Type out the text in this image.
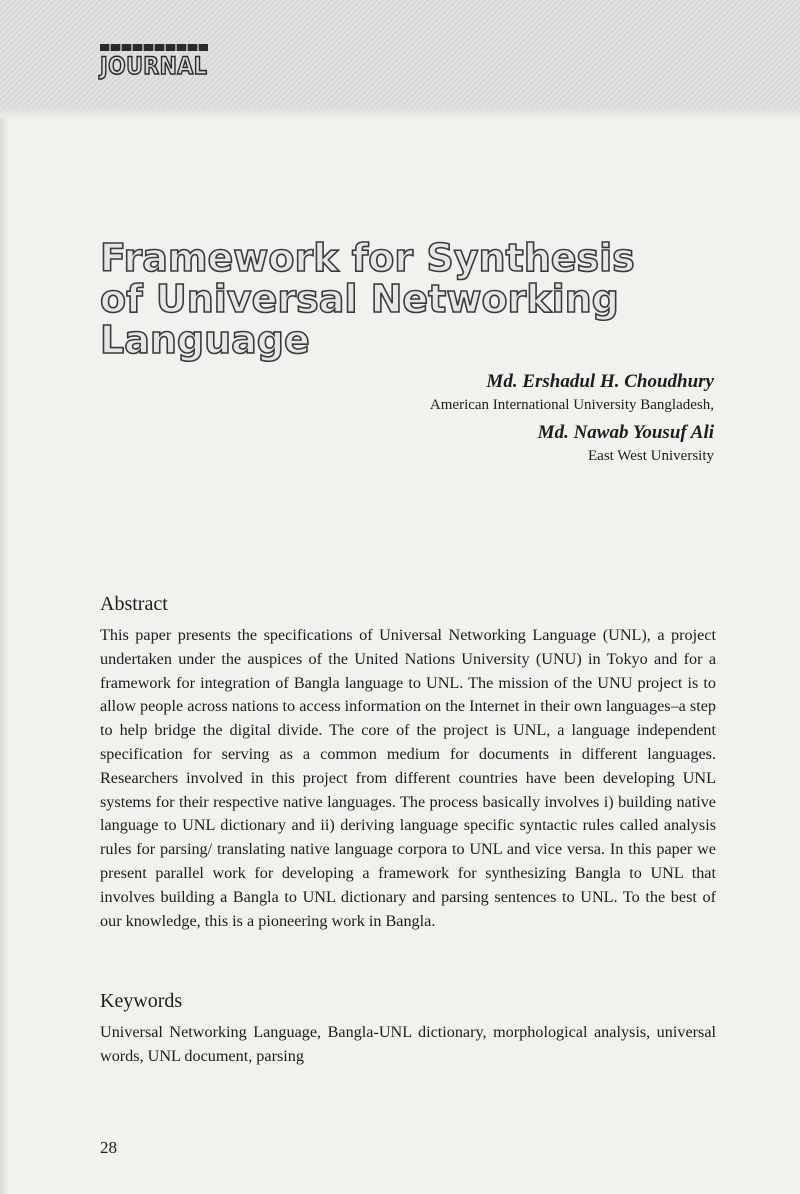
JOURNAL
Framework for Synthesis of Universal Networking Language
Md. Ershadul H. Choudhury
American International University Bangladesh,
Md. Nawab Yousuf Ali
East West University
Abstract

This paper presents the specifications of Universal Networking Language (UNL), a project undertaken under the auspices of the United Nations University (UNU) in Tokyo and for a framework for integration of Bangla language to UNL. The mission of the UNU project is to allow people across nations to access information on the Internet in their own languages–a step to help bridge the digital divide. The core of the project is UNL, a language independent specification for serving as a common medium for documents in different languages. Researchers involved in this project from different countries have been developing UNL systems for their respective native languages. The process basically involves i) building native language to UNL dictionary and ii) deriving language specific syntactic rules called analysis rules for parsing/ translating native language corpora to UNL and vice versa. In this paper we present parallel work for developing a framework for synthesizing Bangla to UNL that involves building a Bangla to UNL dictionary and parsing sentences to UNL. To the best of our knowledge, this is a pioneering work in Bangla.

Keywords

Universal Networking Language, Bangla-UNL dictionary, morphological analysis, universal words, UNL document, parsing

28
